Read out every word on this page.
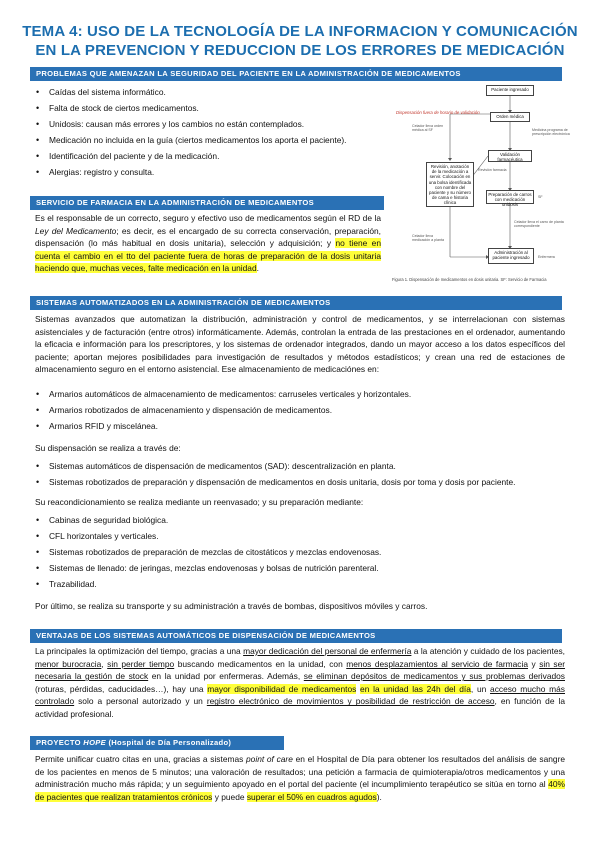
TEMA 4: USO DE LA TECNOLOGÍA DE LA INFORMACION Y COMUNICACIÓN
EN LA PREVENCION Y REDUCCION DE LOS ERRORES DE MEDICACIÓN
PROBLEMAS QUE AMENAZAN LA SEGURIDAD DEL PACIENTE EN LA ADMINISTRACIÓN DE MEDICAMENTOS
• Caídas del sistema informático.
• Falta de stock de ciertos medicamentos.
• Unidosis: causan más errores y los cambios no están contemplados.
• Medicación no incluida en la guía (ciertos medicamentos los aporta el paciente).
• Identificación del paciente y de la medicación.
• Alergias: registro y consulta.
SERVICIO DE FARMACIA EN LA ADMINISTRACIÓN DE MEDICAMENTOS
Es el responsable de un correcto, seguro y efectivo uso de medicamentos según el RD de la Ley del Medicamento; es decir, es el encargado de su correcta conservación, preparación, dispensación (lo más habitual en dosis unitaria), selección y adquisición; y no tiene en cuenta el cambio en el tto del paciente fuera de horas de preparación de la dosis unitaria haciendo que, muchas veces, falte medicación en la unidad.
Dispensación fuera de horario de validación
Paciente ingresado
Orden médica
Medicina programa de prescripción electrónica
Celador lleva orden médica al SF
Revisión, anotación de la medicación a servir. Colocación en una bolsa identificada con nombre del paciente y su número de cama e historia clínica
Validación farmacéutica
Revisión farmacia
Preparación de carros con medicación unidosis
SF
Celador lleva el carro de planta correspondiente
Celador lleva medicación a planta
Administración al paciente ingresado	Enfermera
Figura 1. Dispensación de medicamentos en dosis unitaria. SF: Servicio de Farmacia
SISTEMAS AUTOMATIZADOS EN LA ADMINISTRACIÓN DE MEDICAMENTOS
Sistemas avanzados que automatizan la distribución, administración y control de medicamentos, y se interrelacionan con sistemas asistenciales y de facturación (entre otros) informáticamente. Además, controlan la entrada de las prestaciones en el ordenador, aumentando la eficacia e información para los prescriptores, y los sistemas de ordenador integrados, dando un mayor acceso a los datos específicos del paciente; aportan mejores posibilidades para investigación de resultados y métodos estadísticos; y crean una red de estaciones de almacenamiento seguro en el entorno asistencial. Ese almacenamiento de medicaciónes en:
• Armarios automáticos de almacenamiento de medicamentos: carruseles verticales y horizontales.
• Armarios robotizados de almacenamiento y dispensación de medicamentos.
• Armarios RFID y miscelánea.
Su dispensación se realiza a través de:
• Sistemas automáticos de dispensación de medicamentos (SAD): descentralización en planta.
• Sistemas robotizados de preparación y dispensación de medicamentos en dosis unitaria, dosis por toma y dosis por paciente.
Su reacondicionamiento se realiza mediante un reenvasado; y su preparación mediante:
• Cabinas de seguridad biológica.
• CFL horizontales y verticales.
• Sistemas robotizados de preparación de mezclas de citostáticos y mezclas endovenosas.
• Sistemas de llenado: de jeringas, mezclas endovenosas y bolsas de nutrición parenteral.
• Trazabilidad.
Por último, se realiza su transporte y su administración a través de bombas, dispositivos móviles y carros.
VENTAJAS DE LOS SISTEMAS AUTOMÁTICOS DE DISPENSACIÓN DE MEDICAMENTOS
La principales la optimización del tiempo, gracias a una mayor dedicación del personal de enfermería a la atención y cuidado de los pacientes, menor burocracia, sin perder tiempo buscando medicamentos en la unidad, con menos desplazamientos al servicio de farmacia y sin ser necesaria la gestión de stock en la unidad por enfermeras. Además, se eliminan depósitos de medicamentos y sus problemas derivados (roturas, pérdidas, caducidades…), hay una mayor disponibilidad de medicamentos en la unidad las 24h del día, un acceso mucho más controlado solo a personal autorizado y un registro electrónico de movimientos y posibilidad de restricción de acceso, en función de la actividad profesional.
PROYECTO HOPE (Hospital de Día Personalizado)
Permite unificar cuatro citas en una, gracias a sistemas point of care en el Hospital de Día para obtener los resultados del análisis de sangre de los pacientes en menos de 5 minutos; una valoración de resultados; una petición a farmacia de quimioterapia/otros medicamentos y una administración mucho más rápida; y un seguimiento apoyado en el portal del paciente (el incumplimiento terapéutico se sitúa en torno al 40% de pacientes que realizan tratamientos crónicos y puede superar el 50% en cuadros agudos).
